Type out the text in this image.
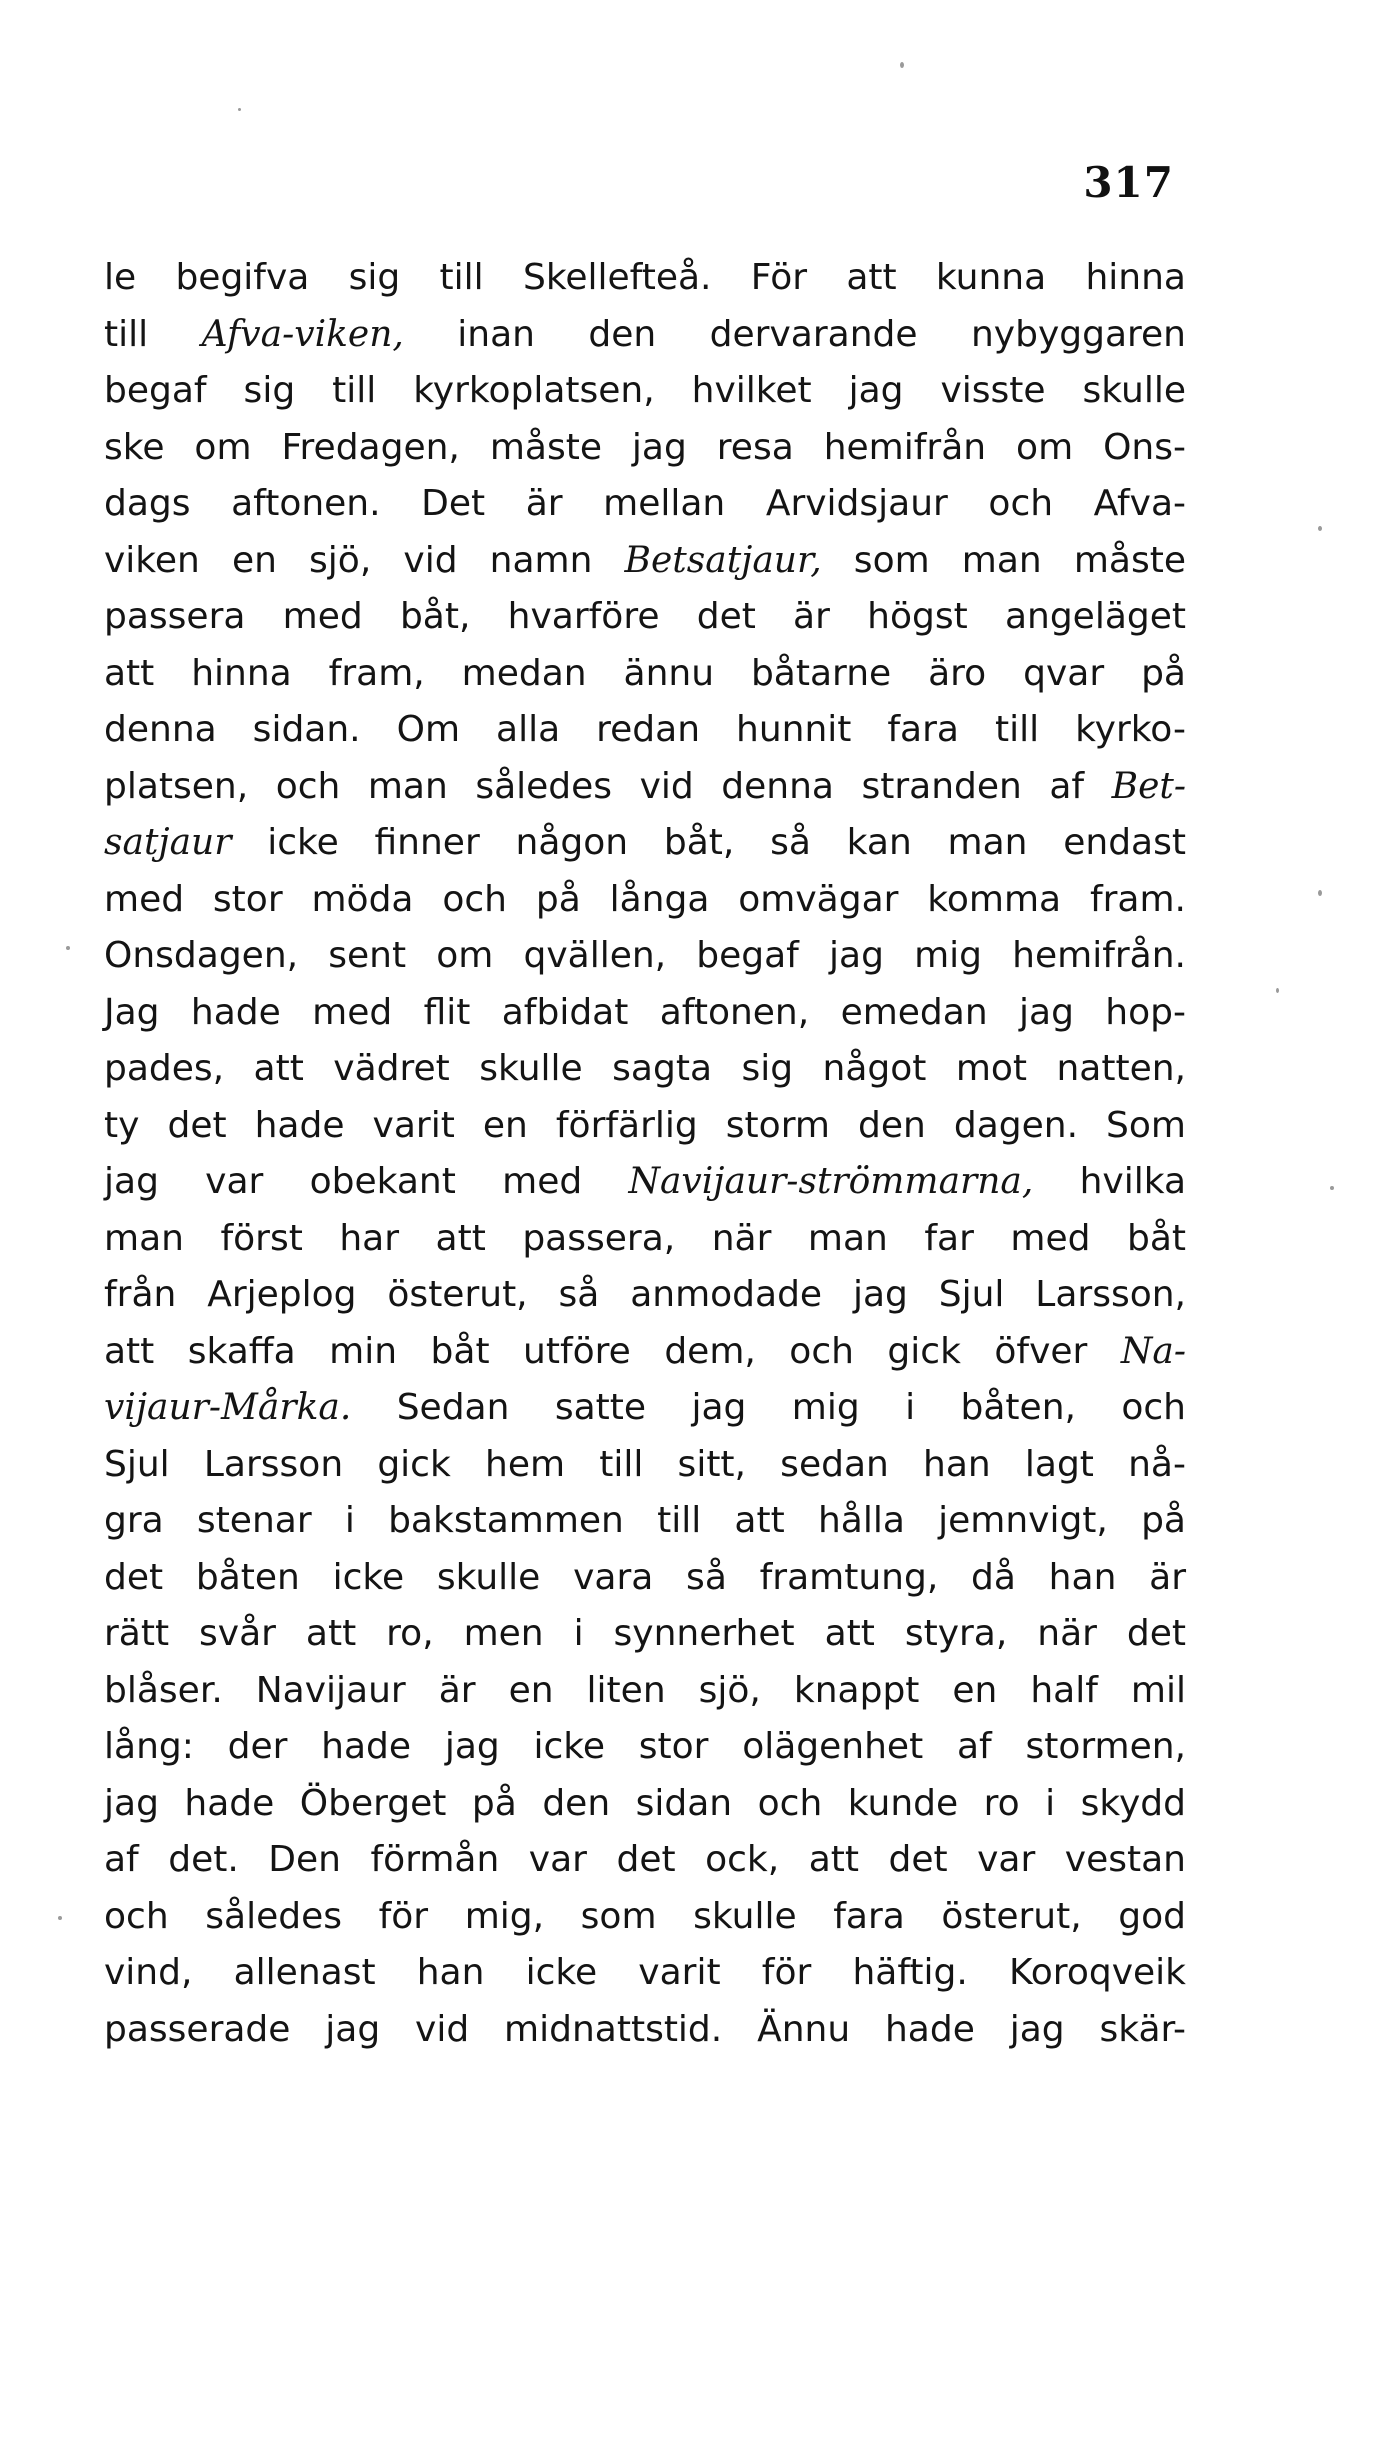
317
le begifva sig till Skellefteå. För att kunna hinna
till Afva-viken, inan den dervarande nybyggaren
begaf sig till kyrkoplatsen, hvilket jag visste skulle
ske om Fredagen, måste jag resa hemifrån om Ons-
dags aftonen. Det är mellan Arvidsjaur och Afva-
viken en sjö, vid namn Betsatjaur, som man måste
passera med båt, hvarföre det är högst angeläget
att hinna fram, medan ännu båtarne äro qvar på
denna sidan. Om alla redan hunnit fara till kyrko-
platsen, och man således vid denna stranden af Bet-
satjaur icke finner någon båt, så kan man endast
med stor möda och på långa omvägar komma fram.
Onsdagen, sent om qvällen, begaf jag mig hemifrån.
Jag hade med flit afbidat aftonen, emedan jag hop-
pades, att vädret skulle sagta sig något mot natten,
ty det hade varit en förfärlig storm den dagen. Som
jag var obekant med Navijaur-strömmarna, hvilka
man först har att passera, när man far med båt
från Arjeplog österut, så anmodade jag Sjul Larsson,
att skaffa min båt utföre dem, och gick öfver Na-
vijaur-Mårka. Sedan satte jag mig i båten, och
Sjul Larsson gick hem till sitt, sedan han lagt nå-
gra stenar i bakstammen till att hålla jemnvigt, på
det båten icke skulle vara så framtung, då han är
rätt svår att ro, men i synnerhet att styra, när det
blåser. Navijaur är en liten sjö, knappt en half mil
lång: der hade jag icke stor olägenhet af stormen,
jag hade Öberget på den sidan och kunde ro i skydd
af det. Den förmån var det ock, att det var vestan
och således för mig, som skulle fara österut, god
vind, allenast han icke varit för häftig. Koroqveik
passerade jag vid midnattstid. Ännu hade jag skär-
